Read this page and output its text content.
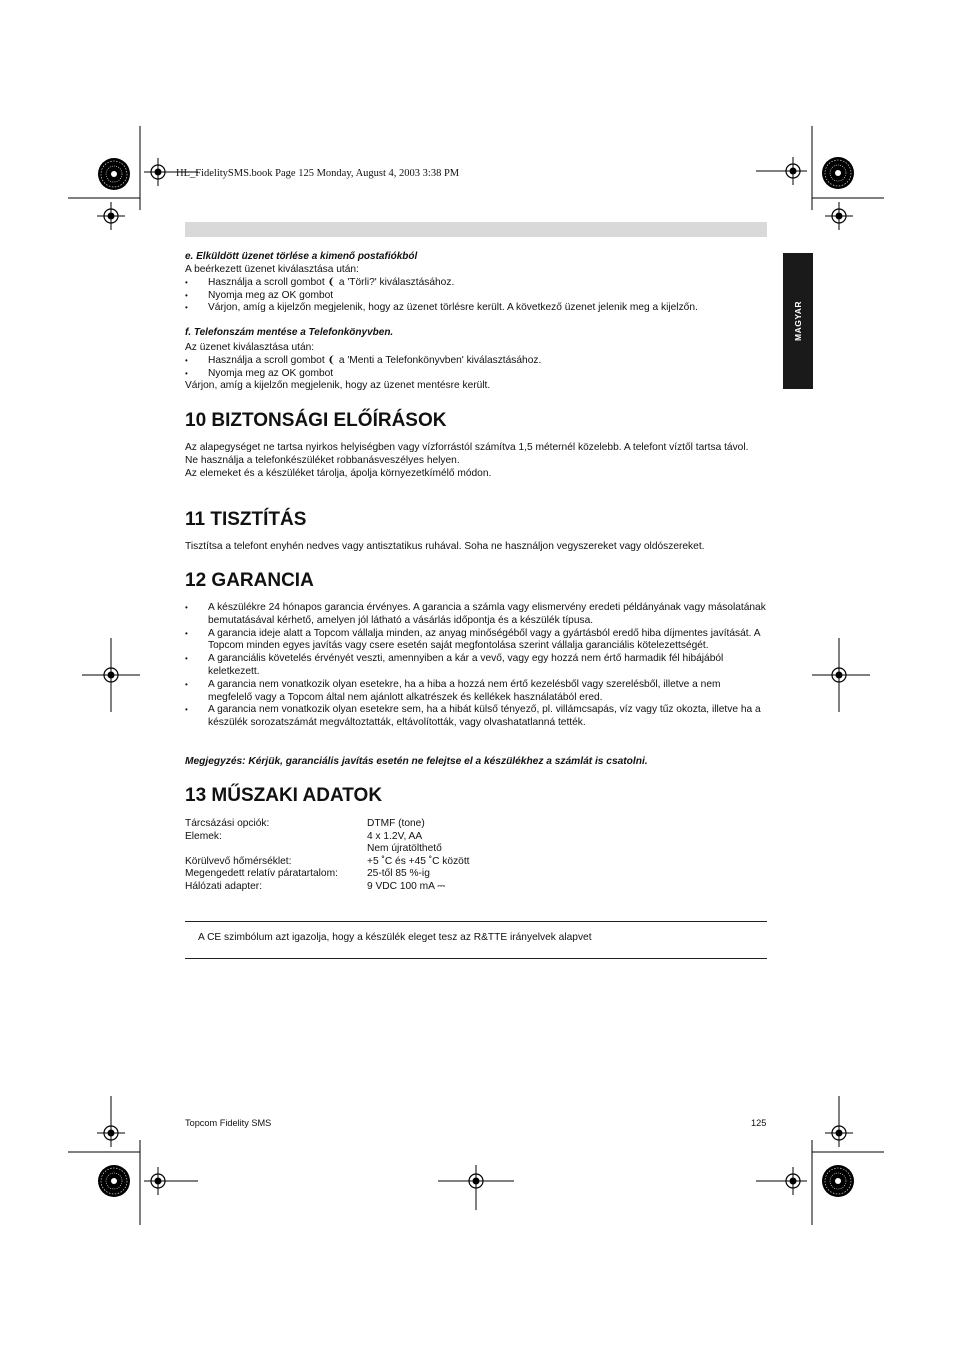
HL_FidelitySMS.book Page 125 Monday, August 4, 2003 3:38 PM
MAGYAR
e. Elküldött üzenet törlése a kimenő postafiókból
A beérkezett üzenet kiválasztása után:
• Használja a scroll gombot ❨ a 'Törli?' kiválasztásához.
• Nyomja meg az OK gombot
• Várjon, amíg a kijelzőn megjelenik, hogy az üzenet törlésre került. A következő üzenet jelenik meg a kijelzőn.
f. Telefonszám mentése a Telefonkönyvben.
Az üzenet kiválasztása után:
• Használja a scroll gombot ❨ a 'Menti a Telefonkönyvben' kiválasztásához.
• Nyomja meg az OK gombot
Várjon, amíg a kijelzőn megjelenik, hogy az üzenet mentésre került.
10 BIZTONSÁGI ELŐÍRÁSOK
Az alapegységet ne tartsa nyirkos helyiségben vagy vízforrástól számítva 1,5 méternél közelebb. A telefont víztől tartsa távol.
Ne használja a telefonkészüléket robbanásveszélyes helyen.
Az elemeket és a készüléket tárolja, ápolja környezetkímélő módon.
11 TISZTÍTÁS
Tisztítsa a telefont enyhén nedves vagy antisztatikus ruhával. Soha ne használjon vegyszereket vagy oldószereket.
12 GARANCIA
• A készülékre 24 hónapos garancia érvényes. A garancia a számla vagy elismervény eredeti példányának vagy másolatának bemutatásával kérhető, amelyen jól látható a vásárlás időpontja és a készülék típusa.
• A garancia ideje alatt a Topcom vállalja minden, az anyag minőségéből vagy a gyártásból eredő hiba díjmentes javítását. A Topcom minden egyes javítás vagy csere esetén saját megfontolása szerint vállalja garanciális kötelezettségét.
• A garanciális követelés érvényét veszti, amennyiben a kár a vevő, vagy egy hozzá nem értő harmadik fél hibájából keletkezett.
• A garancia nem vonatkozik olyan esetekre, ha a hiba a hozzá nem értő kezelésből vagy szerelésből, illetve a nem megfelelő vagy a Topcom által nem ajánlott alkatrészek és kellékek használatából ered.
• A garancia nem vonatkozik olyan esetekre sem, ha a hibát külső tényező, pl. villámcsapás, víz vagy tűz okozta, illetve ha a készülék sorozatszámát megváltoztatták, eltávolították, vagy olvashatatlanná tették.
Megjegyzés: Kérjük, garanciális javítás esetén ne felejtse el a készülékhez a számlát is csatolni.
13 MŰSZAKI ADATOK
Tárcsázási opciók:	DTMF (tone)
Elemek:	4 x 1.2V, AA
	Nem újratölthető
Körülvevő hőmérséklet:	+5 ˚C és +45 ˚C között
Megengedett relatív páratartalom:	25-től 85 %-ig
Hálózati adapter:	9 VDC 100 mA ⎓
A CE szimbólum azt igazolja, hogy a készülék eleget tesz az R&TTE irányelvek alapvet
Topcom Fidelity SMS	125
